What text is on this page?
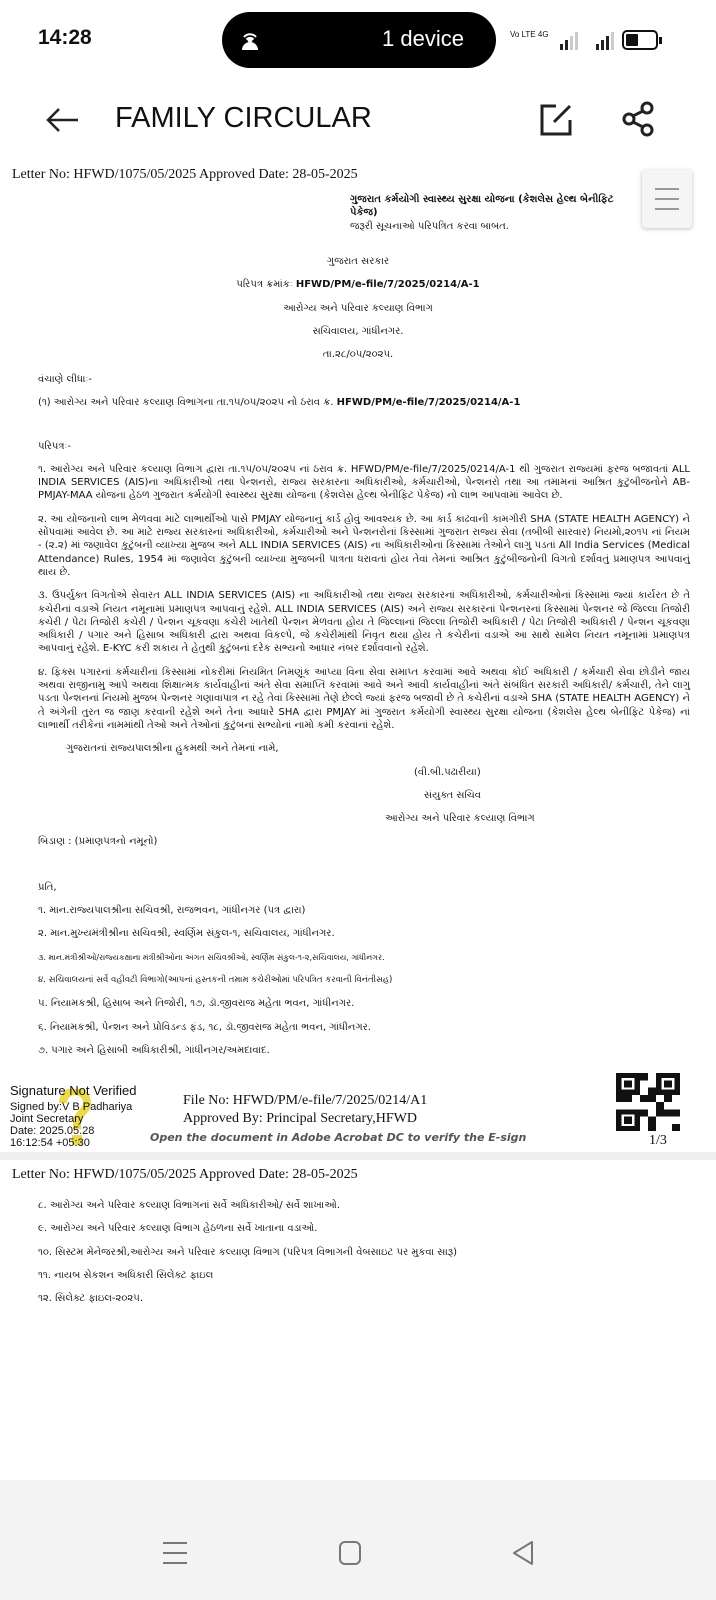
14:28	1 device	Vo LTE 4G
FAMILY CIRCULAR
Letter No: HFWD/1075/05/2025 Approved Date: 28-05-2025
ગુજરાત કર્મયોગી સ્વાસ્થ્ય સુરક્ષા યોજના (કેશલેસ હેલ્થ બેનીફિટ પેકેજ)
જરૂરી સૂચનાઓ પરિપત્રિત કરવા બાબત.
ગુજરાત સરકાર
પરિપત્ર ક્રમાંકઃ HFWD/PM/e-file/7/2025/0214/A-1
આરોગ્ય અને પરિવાર કલ્યાણ વિભાગ
સચિવાલય, ગાંધીનગર.
તા.૨૮/૦૫/૨૦૨૫.
વંચાણે લીધાઃ-
(૧) આરોગ્ય અને પરિવાર કલ્યાણ વિભાગના તા.૧૫/૦૫/૨૦૨૫ નો ઠરાવ ક્ર. HFWD/PM/e-file/7/2025/0214/A-1
પરિપત્રઃ-
૧. આરોગ્ય અને પરિવાર કલ્યાણ વિભાગ દ્વારા તા.૧૫/૦૫/૨૦૨૫ નાં ઠરાવ ક્ર. HFWD/PM/e-file/7/2025/0214/A-1 થી ગુજરાત રાજ્યમાં ફરજ બજાવતાં ALL INDIA SERVICES (AIS)ના અધિકારીઓ તથા પેન્શનરો, રાજ્ય સરકારના અધિકારીઓ, કર્મચારીઓ, પેન્શનરો તથા આ તમામનાં આશ્રિત કુટુંબીજનોને AB-PMJAY-MAA યોજના હેઠળ ગુજરાત કર્મયોગી સ્વાસ્થ્ય સુરક્ષા યોજના (કેશલેસ હેલ્થ બેનીફિટ પેકેજ) નો લાભ આપવામાં આવેલ છે.
૨. આ યોજનાનો લાભ મેળવવા માટે લાભાર્થીઓ પાસે PMJAY યોજનાનું કાર્ડ હોવું આવશ્યક છે. આ કાર્ડ કાઢવાની કામગીરી SHA (STATE HEALTH AGENCY) ને સોંપવામાં આવેલ છે. આ માટે રાજ્ય સરકારનાં અધિકારીઓ, કર્મચારીઓ અને પેન્શનરોનાં કિસ્સામાં ગુજરાત રાજ્ય સેવા (તબીબી સારવાર) નિયમો,૨૦૧૫ નાં નિયમ - (૨.૨) માં જણાવેલ કુટુંબની વ્યાખ્યા મુજબ અને ALL INDIA SERVICES (AIS) ના અધિકારીઓનાં કિસ્સામાં તેઓને લાગુ પડતાં All India Services (Medical Attendance) Rules, 1954 માં જણાવેલ કુટુંબની વ્યાખ્યા મુજબની પાત્રતા ધરાવતાં હોય તેવાં તેમનાં આશ્રિત કુટુંબીજનોની વિગતો દર્શાવતું પ્રમાણપત્ર આપવાનું થાય છે.
૩. ઉપર્યુક્ત વિગતોએ સેવારત ALL INDIA SERVICES (AIS) ના અધિકારીઓ તથા રાજ્ય સરકારનાં અધિકારીઓ, કર્મચારીઓનાં કિસ્સામાં જ્યાં કાર્યરત છે તે કચેરીનાં વડાએ નિયત નમૂનામાં પ્રમાણપત્ર આપવાનું રહેશે. ALL INDIA SERVICES (AIS) અને રાજ્ય સરકારનાં પેન્શનરનાં કિસ્સામાં પેન્શનર જે જિલ્લા તિજોરી કચેરી / પેટા તિજોરી કચેરી / પેન્શન ચૂકવણા કચેરી ખાતેથી પેન્શન મેળવતા હોય તે જિલ્લાનાં જિલ્લા તિજોરી અધિકારી / પેટા તિજોરી અધિકારી / પેન્શન ચૂકવણા અધિકારી / પગાર અને હિસાબ અધિકારી દ્વારા અથવા વિકલ્પે, જે કચેરીમાંથી નિવૃત થયા હોય તે કચેરીનાં વડાએ આ સાથે સામેલ નિયત નમૂનામાં પ્રમાણપત્ર આપવાનું રહેશે. E-KYC કરી શકાય તે હેતુથી કુટુંબનાં દરેક સભ્યનો આધાર નંબર દર્શાવવાનો રહેશે.
૪. ફિક્સ પગારનાં કર્મચારીનાં કિસ્સામાં નોકરીમાં નિયમિત નિમણૂંક આપ્યા વિના સેવા સમાપ્ત કરવામાં આવે અથવા કોઈ અધિકારી / કર્મચારી સેવા છોડીને જાય અથવા રાજીનામુ આપે અથવા શિક્ષાત્મક કાર્યવાહીનાં અંતે સેવા સમાપ્તિ કરવામાં આવે અને આવી કાર્યવાહીનાં અંતે સંબંધિત સરકારી અધિકારી/ કર્મચારી, તેને લાગુ પડતા પેન્શનનાં નિયમો મુજબ પેન્શનર ગણાવાપાત્ર ન રહે તેવાં કિસ્સામાં તેણે છેલ્લે જ્યાં ફરજ બજાવી છે તે કચેરીનાં વડાએ SHA (STATE HEALTH AGENCY) ને તે અંગેની તુરત જ જાણ કરવાની રહેશે અને તેના આધારે SHA દ્વારા PMJAY માં ગુજરાત કર્મયોગી સ્વાસ્થ્ય સુરક્ષા યોજના (કેશલેસ હેલ્થ બેનીફિટ પેકેજ) નાં લાભાર્થી તરીકેનાં નામમાંથી તેઓ અને તેઓનાં કુટુંબનાં સભ્યોનાં નામો કમી કરવાનાં રહેશે.
ગુજરાતનાં રાજ્યપાલશ્રીના હુકમથી અને તેમનાં નામે,
(વી.બી.પઢારીયા)
સંયુક્ત સચિવ
આરોગ્ય અને પરિવાર કલ્યાણ વિભાગ
બિડાણ : (પ્રમાણપત્રનો નમૂનો)
પ્રતિ,
૧. માન.રાજ્યપાલશ્રીના સચિવશ્રી, રાજભવન, ગાંધીનગર (પત્ર દ્વારા)
૨. માન.મુખ્યમંત્રીશ્રીના સચિવશ્રી, સ્વર્ણિમ સંકુલ-૧, સચિવાલય, ગાંધીનગર.
૩. માન.મંત્રીશ્રીઓ/રાજ્યકક્ષાના મંત્રીશ્રીઓના અંગત સચિવશ્રીઓ, સ્વર્ણિમ સંકુલ-૧-૨,સચિવાલય, ગાંધીનગર.
૪. સચિવાલયનાં સર્વે વહીવટી વિભાગો(આપનાં હસ્તકની તમામ કચેરીઓમાં પરિપત્રિત કરવાની વિનંતીસહ)
૫. નિયામકશ્રી, હિસાબ અને તિજોરી, ૧૭, ડૉ.જીવરાજ મહેતા ભવન, ગાંધીનગર.
૬. નિયામકશ્રી, પેન્શન અને પ્રોવિડન્ડ ફંડ, ૧૮, ડૉ.જીવરાજ મહેતા ભવન, ગાંધીનગર.
૭. પગાર અને હિસાબી અધિકારીશ્રી, ગાંધીનગર/અમદાવાદ.
Signature Not Verified
Signed by:V B Padhariya
Joint Secretary
Date: 2025.05.28
16:12:54 +05:30
File No: HFWD/PM/e-file/7/2025/0214/A1
Approved By: Principal Secretary,HFWD
Open the document in Adobe Acrobat DC to verify the E-sign	1/3
Letter No: HFWD/1075/05/2025 Approved Date: 28-05-2025
૮. આરોગ્ય અને પરિવાર કલ્યાણ વિભાગનાં સર્વે અધિકારીઓ/ સર્વે શાખાઓ.
૯. આરોગ્ય અને પરિવાર કલ્યાણ વિભાગ હેઠળના સર્વે ખાતાના વડાઓ.
૧૦. સિસ્ટમ મેનેજરશ્રી,આરોગ્ય અને પરિવાર કલ્યાણ વિભાગ (પરિપત્ર વિભાગની વેબસાઇટ પર મુકવા સારૂ)
૧૧. નાયબ સેકશન અધિકારી સિલેક્ટ ફાઇલ
૧૨. સિલેક્ટ ફાઇલ-૨૦૨૫.
